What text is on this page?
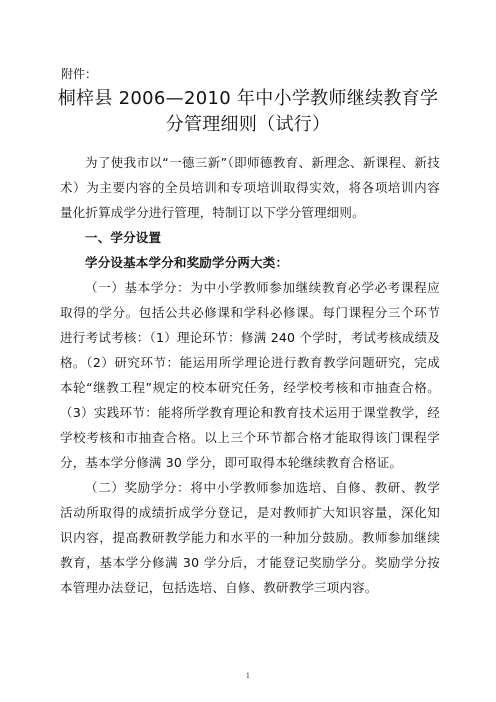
附件：
桐梓县 2006—2010 年中小学教师继续教育学
分管理细则（试行）

为了使我市以“一德三新”（即师德教育、新理念、新课程、新技术）为主要内容的全员培训和专项培训取得实效，将各项培训内容量化折算成学分进行管理，特制订以下学分管理细则。

一、学分设置

学分设基本学分和奖励学分两大类：

（一）基本学分：为中小学教师参加继续教育必学必考课程应取得的学分。包括公共必修课和学科必修课。每门课程分三个环节进行考试考核：（1）理论环节：修满 240 个学时，考试考核成绩及格。（2）研究环节：能运用所学理论进行教育教学问题研究，完成本轮“继教工程”规定的校本研究任务，经学校考核和市抽查合格。（3）实践环节：能将所学教育理论和教育技术运用于课堂教学，经学校考核和市抽查合格。以上三个环节都合格才能取得该门课程学分，基本学分修满 30 学分，即可取得本轮继续教育合格证。

（二）奖励学分：将中小学教师参加选培、自修、教研、教学活动所取得的成绩折成学分登记，是对教师扩大知识容量，深化知识内容，提高教研教学能力和水平的一种加分鼓励。教师参加继续教育，基本学分修满 30 学分后，才能登记奖励学分。奖励学分按本管理办法登记，包括选培、自修、教研教学三项内容。

1
